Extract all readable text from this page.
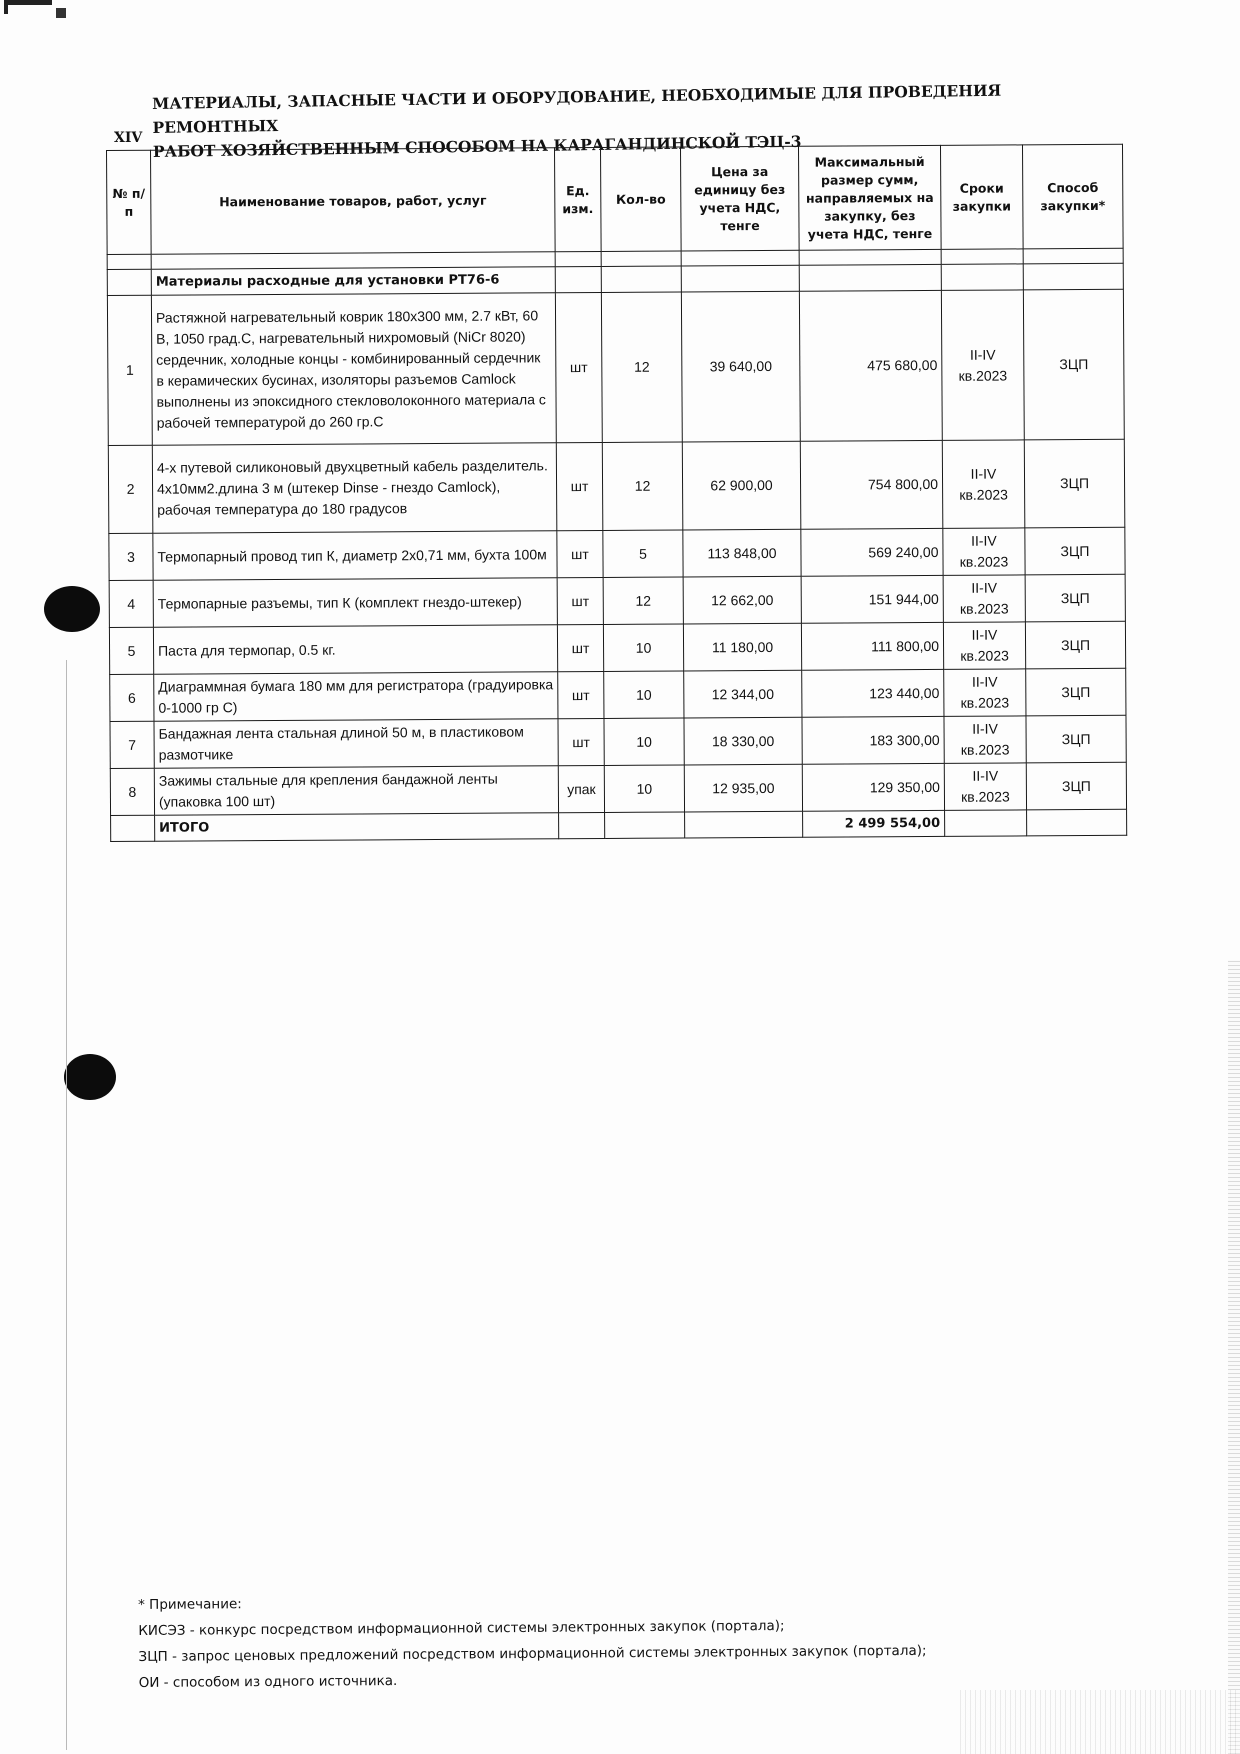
XIV
МАТЕРИАЛЫ, ЗАПАСНЫЕ ЧАСТИ И ОБОРУДОВАНИЕ, НЕОБХОДИМЫЕ ДЛЯ ПРОВЕДЕНИЯ РЕМОНТНЫХ
РАБОТ ХОЗЯЙСТВЕННЫМ СПОСОБОМ НА КАРАГАНДИНСКОЙ ТЭЦ-3
№ п/п	Наименование товаров, работ, услуг	Ед. изм.	Кол-во	Цена за единицу без учета НДС, тенге	Максимальный размер сумм, направляемых на закупку, без учета НДС, тенге	Сроки закупки	Способ закупки*

	Материалы расходные для установки РТ76-6						
1	Растяжной нагревательный коврик 180x300 мм, 2.7 кВт, 60 В, 1050 град.С, нагревательный нихромовый (NiCr 8020) сердечник, холодные концы - комбинированный сердечник в керамических бусинах, изоляторы разъемов Camlock выполнены из эпоксидного стекловолоконного материала с рабочей температурой до 260 гр.С	шт	12	39 640,00	475 680,00	II-IV кв.2023	ЗЦП
2	4-х путевой силиконовый двухцветный кабель разделитель. 4х10мм2.длина 3 м (штекер Dinse - гнездо Camlock), рабочая температура до 180 градусов	шт	12	62 900,00	754 800,00	II-IV кв.2023	ЗЦП
3	Термопарный провод тип К, диаметр 2х0,71 мм, бухта 100м	шт	5	113 848,00	569 240,00	II-IV кв.2023	ЗЦП
4	Термопарные разъемы, тип К (комплект гнездо-штекер)	шт	12	12 662,00	151 944,00	II-IV кв.2023	ЗЦП
5	Паста для термопар, 0.5 кг.	шт	10	11 180,00	111 800,00	II-IV кв.2023	ЗЦП
6	Диаграммная бумага 180 мм для регистратора (градуировка 0-1000 гр С)	шт	10	12 344,00	123 440,00	II-IV кв.2023	ЗЦП
7	Бандажная лента стальная длиной 50 м, в пластиковом размотчике	шт	10	18 330,00	183 300,00	II-IV кв.2023	ЗЦП
8	Зажимы стальные для крепления бандажной ленты (упаковка 100 шт)	упак	10	12 935,00	129 350,00	II-IV кв.2023	ЗЦП
	ИТОГО				2 499 554,00		
* Примечание:
КИСЭЗ - конкурс посредством информационной системы электронных закупок (портала);
ЗЦП - запрос ценовых предложений посредством информационной системы электронных закупок (портала);
ОИ - способом из одного источника.
